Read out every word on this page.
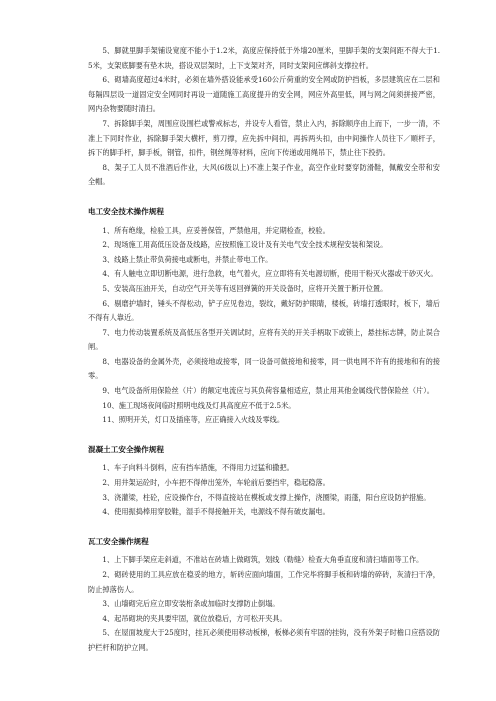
5、脚就里脚手架铺设宽度不能小于1.2米，高度应保持低于外墙20厘米，里脚手架的支架间距不得大于1.5米，支架底脚要有垫木块，搭设双层架时，上下支架对齐，同时支架间应绑斜支撑拉杆。

6、砌墙高度超过4米时，必须在墙外搭设能承受160公斤荷重的安全网或防护挡板，多层建筑应在二层和每隔四层设一道固定安全网同时再设一道随施工高度提升的安全网，网应外高里低，网与网之间须拼接严密，网内杂物要随时清扫。

7、拆除脚手架，周围应设围栏或警戒标志，并设专人看管，禁止入内，拆除顺序由上而下，一步一清，不准上下同时作业，拆除脚手架大横杆，剪刀撑，应先拆中间扣，再拆两头扣，由中间操作人员往下／順杆子，拆下的脚手杆，脚手板，钢管，扣件，钢丝绳等材料，应向下传递或用绳吊下，禁止往下投扔。

8、架子工人员不准酒后作业，大风(6级以上)不准上架子作业，高空作业时要穿防滑鞋，佩戴安全带和安全帽。

电工安全技术操作规程

1、所有绝缘，检验工具，应妥善保管，严禁他用，并定期检查，校验。

2、现场施工用高低压设备及线路，应按照施工设计及有关电气安全技术规程安装和架设。

3、线路上禁止带负荷接电或断电，并禁止带电工作。

4、有人触电立即切断电源，进行急救，电气着火，应立即将有关电源切断，使用干粉灭火器或干砂灭火。

5、安装高压油开关，自动空气开关等有返回弹簧的开关设备时，应将开关置于断开位置。

6、剔磨护墙时，锤头不得松动，铲子应见卷边，裂纹，戴好防护眼睛，楼板，砖墙打透眼时，板下，墙后不得有人靠近。

7、电力传动装置系统及高低压各型开关调试时，应将有关的开关手柄取下或锁上，悬挂标志牌，防止误合闸。

8、电器设备的金属外壳，必须接地或接零，同一设备可做接地和接零，同一供电网不许有的接地和有的接零。

9、电气设备所用保险丝（片）的额定电流应与其负荷容量相适应，禁止用其他金属线代替保险丝（片）。

10、施工现场夜间临时照明电线及灯具高度应不低于2.5米。

11、照明开关，灯口及插座等，应正确接入火线及零线。

混凝土工安全操作规程

1、车子向料斗倒料，应有挡车措施，不得用力过猛和撒把。

2、用井架运砼时，小车把不得伸出笼外，车轮前后要挡牢，稳起稳落。

3、浇灌梁，柱砼，应设操作台，不得直接站在模板或支撑上操作，浇圈梁，雨蓬，阳台应设防护措施。

4、使用振捣棒用穿胶鞋，湿手不得接触开关，电源线不得有破皮漏电。

瓦工安全操作规程

1、上下脚手架应走斜道，不准站在砖墙上做砌筑，划线（勒缝）检查大角垂直度和清扫墙面等工作。

2、砌砖使用的工具应放在稳妥的地方，斩砖应面向墙面，工作完毕将脚手板和砖墙的碎砖，灰清扫干净，防止掉落伤人。

3、山墙砌完后应立即安装桁条或加临时支撑防止倒塌。

4、起吊砌块的夹具要牢固，就位放稳后，方可松开夹具。

5、在屋面坡度大于25度时，挂瓦必须使用移动板梯，板梯必须有牢固的挂钩，没有外架子时檐口应搭设防护栏杆和防护立网。
